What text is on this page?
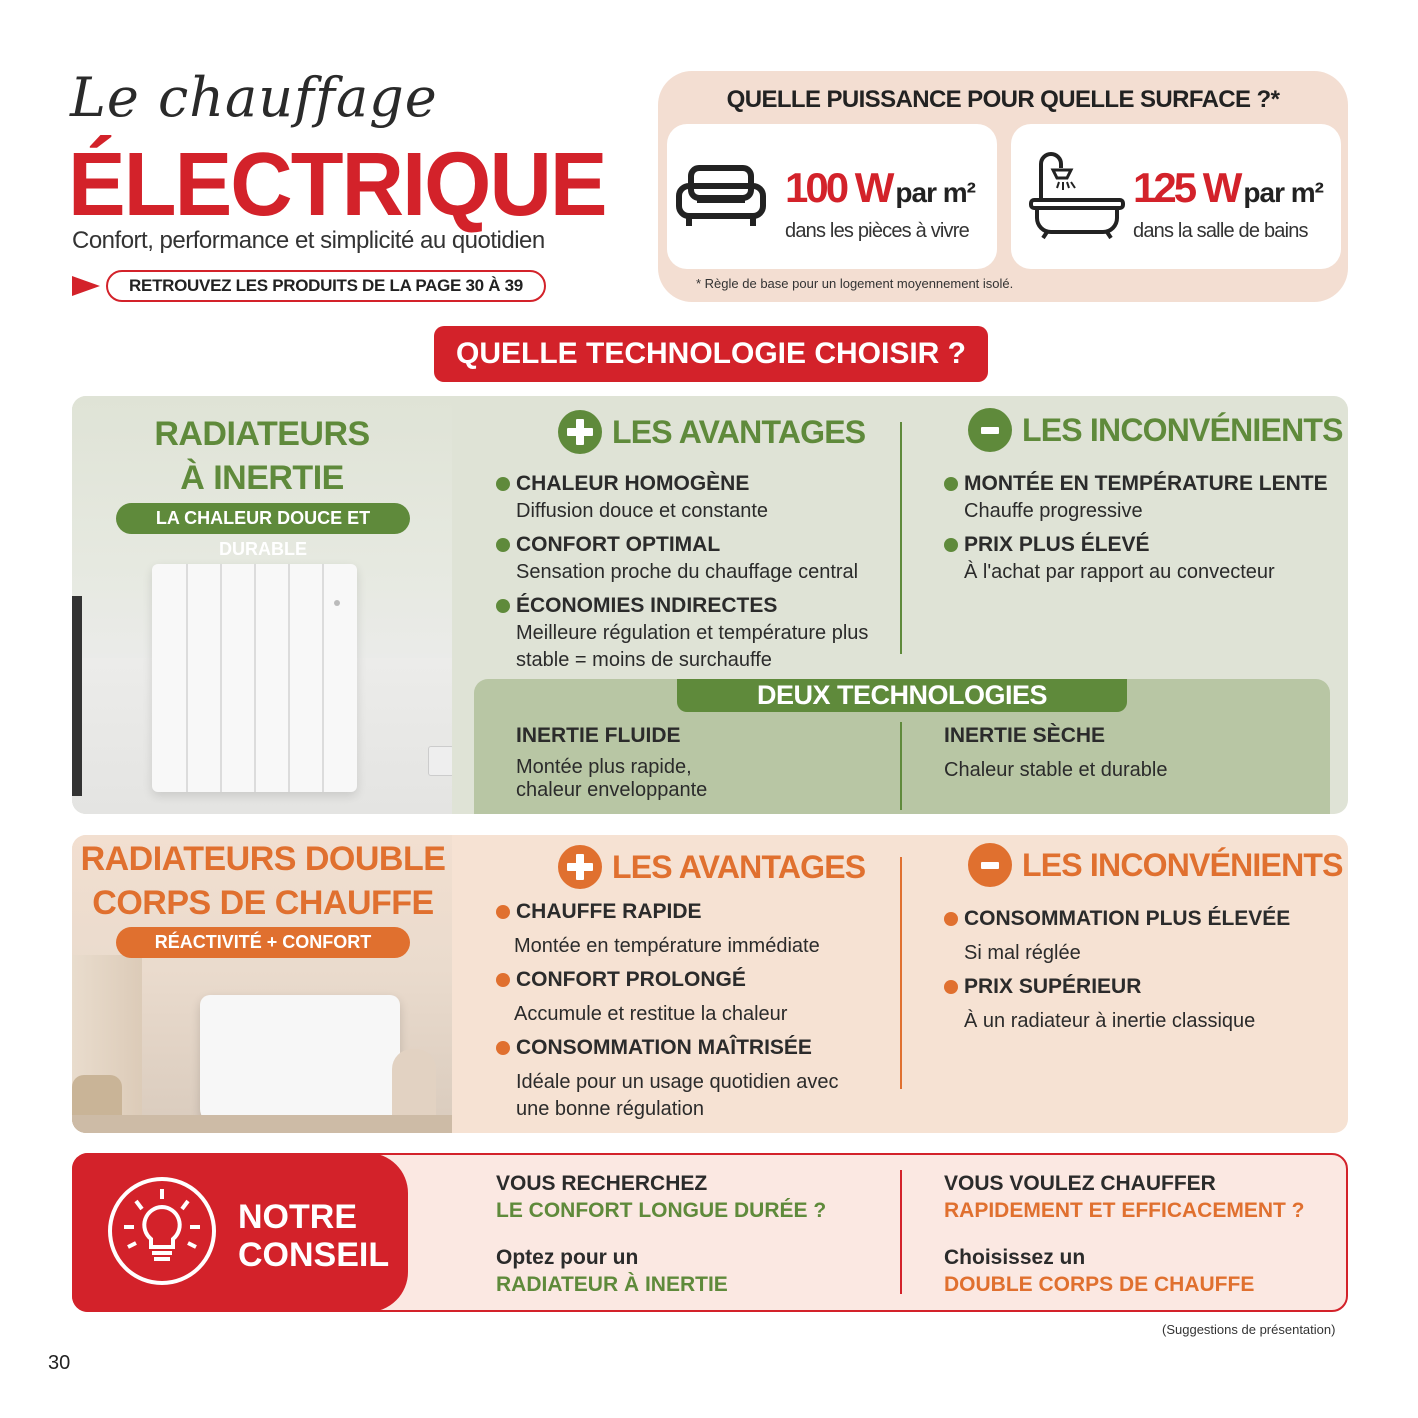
Le chauffage
ÉLECTRIQUE
Confort, performance et simplicité au quotidien
RETROUVEZ LES PRODUITS DE LA PAGE 30 À 39
QUELLE PUISSANCE POUR QUELLE SURFACE ?*
100 W par m²
dans les pièces à vivre
125 W par m²
dans la salle de bains
* Règle de base pour un logement moyennement isolé.
QUELLE TECHNOLOGIE CHOISIR ?
RADIATEURS
À INERTIE
LA CHALEUR DOUCE ET DURABLE
LES AVANTAGES	LES INCONVÉNIENTS
CHALEUR HOMOGÈNE
Diffusion douce et constante
CONFORT OPTIMAL
Sensation proche du chauffage central
ÉCONOMIES INDIRECTES
Meilleure régulation et température plus
stable = moins de surchauffe
MONTÉE EN TEMPÉRATURE LENTE
Chauffe progressive
PRIX PLUS ÉLEVÉ
À l'achat par rapport au convecteur
DEUX TECHNOLOGIES
INERTIE FLUIDE
Montée plus rapide,
chaleur enveloppante
INERTIE SÈCHE
Chaleur stable et durable
RADIATEURS DOUBLE
CORPS DE CHAUFFE
RÉACTIVITÉ + CONFORT
LES AVANTAGES	LES INCONVÉNIENTS
CHAUFFE RAPIDE
Montée en température immédiate
CONFORT PROLONGÉ
Accumule et restitue la chaleur
CONSOMMATION MAÎTRISÉE
Idéale pour un usage quotidien avec
une bonne régulation
CONSOMMATION PLUS ÉLEVÉE
Si mal réglée
PRIX SUPÉRIEUR
À un radiateur à inertie classique
NOTRE
CONSEIL
VOUS RECHERCHEZ
LE CONFORT LONGUE DURÉE ?
Optez pour un
RADIATEUR À INERTIE
VOUS VOULEZ CHAUFFER
RAPIDEMENT ET EFFICACEMENT ?
Choisissez un
DOUBLE CORPS DE CHAUFFE
(Suggestions de présentation)
30
